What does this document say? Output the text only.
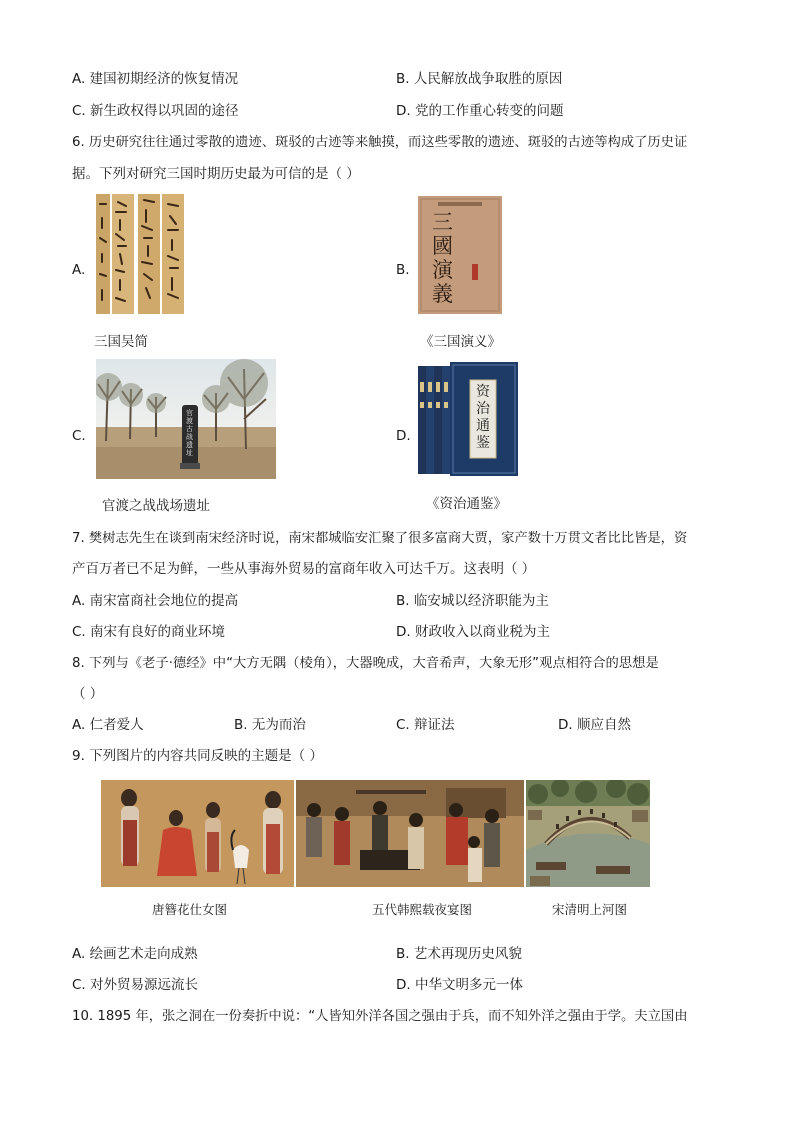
A. 建国初期经济的恢复情况	B. 人民解放战争取胜的原因
C. 新生政权得以巩固的途径	D. 党的工作重心转变的问题
6. 历史研究往往通过零散的遗迹、斑驳的古迹等来触摸，而这些零散的遗迹、斑驳的古迹等构成了历史证
据。下列对研究三国时期历史最为可信的是（ ）
A.
三国吴简
B.
三國演義
《三国演义》
C.
官渡古战遗址
官渡之战战场遗址
D.
资治通鉴
《资治通鉴》
7. 樊树志先生在谈到南宋经济时说，南宋都城临安汇聚了很多富商大贾，家产数十万贯文者比比皆是，资
产百万者已不足为鲜，一些从事海外贸易的富商年收入可达千万。这表明（ ）
A. 南宋富商社会地位的提高	B. 临安城以经济职能为主
C. 南宋有良好的商业环境	D. 财政收入以商业税为主
8. 下列与《老子·德经》中“大方无隅（棱角），大器晚成，大音希声，大象无形”观点相符合的思想是
（ ）
A. 仁者爱人	B. 无为而治	C. 辩证法	D. 顺应自然
9. 下列图片的内容共同反映的主题是（ ）
唐簪花仕女图	五代韩熙载夜宴图	宋清明上河图
A. 绘画艺术走向成熟	B. 艺术再现历史风貌
C. 对外贸易源远流长	D. 中华文明多元一体
10. 1895 年，张之洞在一份奏折中说：“人皆知外洋各国之强由于兵，而不知外洋之强由于学。夫立国由
